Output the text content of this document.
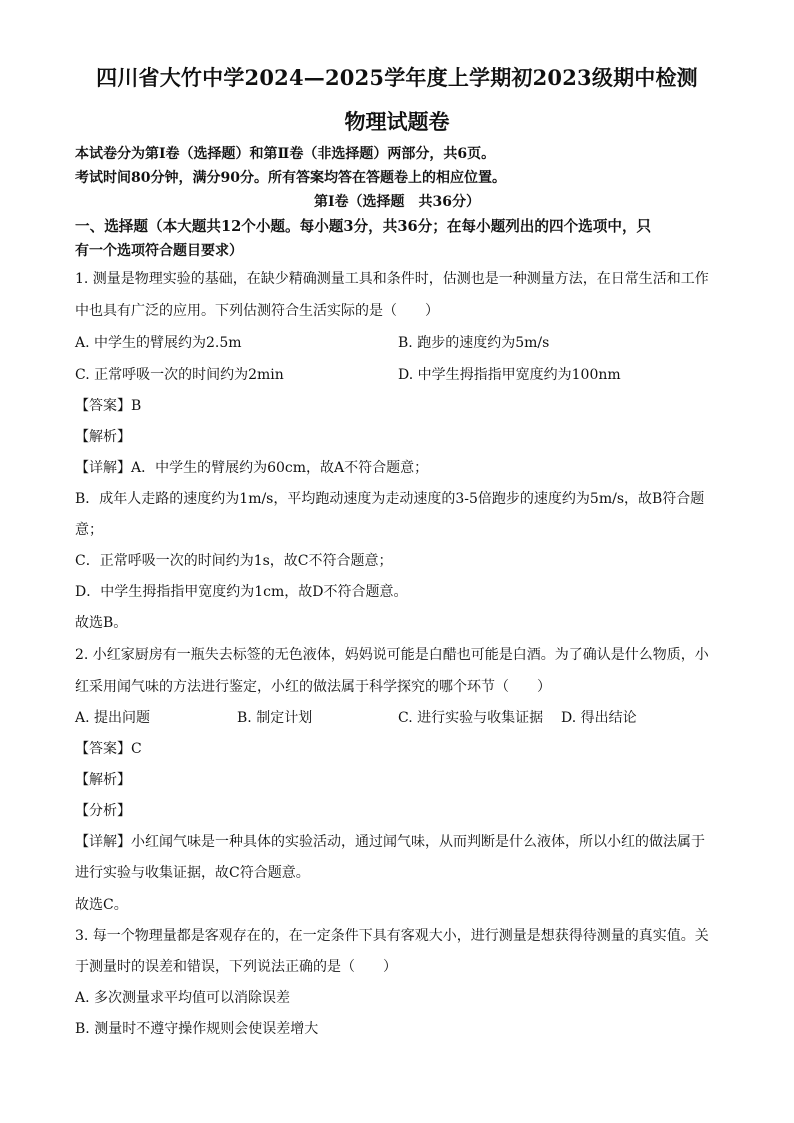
四川省大竹中学2024—2025学年度上学期初2023级期中检测
物理试题卷
本试卷分为第Ⅰ卷（选择题）和第Ⅱ卷（非选择题）两部分，共6页。
考试时间80分钟，满分90分。所有答案均答在答题卷上的相应位置。
第Ⅰ卷（选择题　共36分）
一、选择题（本大题共12个小题。每小题3分，共36分；在每小题列出的四个选项中，只
有一个选项符合题目要求）
1. 测量是物理实验的基础，在缺少精确测量工具和条件时，估测也是一种测量方法，在日常生活和工作
中也具有广泛的应用。下列估测符合生活实际的是（　　）
A. 中学生的臂展约为2.5m	B. 跑步的速度约为5m/s
C. 正常呼吸一次的时间约为2min	D. 中学生拇指指甲宽度约为100nm
【答案】B
【解析】
【详解】A．中学生的臂展约为60cm，故A不符合题意；
B．成年人走路的速度约为1m/s，平均跑动速度为走动速度的3-5倍跑步的速度约为5m/s，故B符合题
意；
C．正常呼吸一次的时间约为1s，故C不符合题意；
D．中学生拇指指甲宽度约为1cm，故D不符合题意。
故选B。
2. 小红家厨房有一瓶失去标签的无色液体，妈妈说可能是白醋也可能是白酒。为了确认是什么物质，小
红采用闻气味的方法进行鉴定，小红的做法属于科学探究的哪个环节（　　）
A. 提出问题	B. 制定计划	C. 进行实验与收集证据 D. 得出结论
【答案】C
【解析】
【分析】
【详解】小红闻气味是一种具体的实验活动，通过闻气味，从而判断是什么液体，所以小红的做法属于
进行实验与收集证据，故C符合题意。
故选C。
3. 每一个物理量都是客观存在的，在一定条件下具有客观大小，进行测量是想获得待测量的真实值。关
于测量时的误差和错误，下列说法正确的是（　　）
A. 多次测量求平均值可以消除误差
B. 测量时不遵守操作规则会使误差增大
